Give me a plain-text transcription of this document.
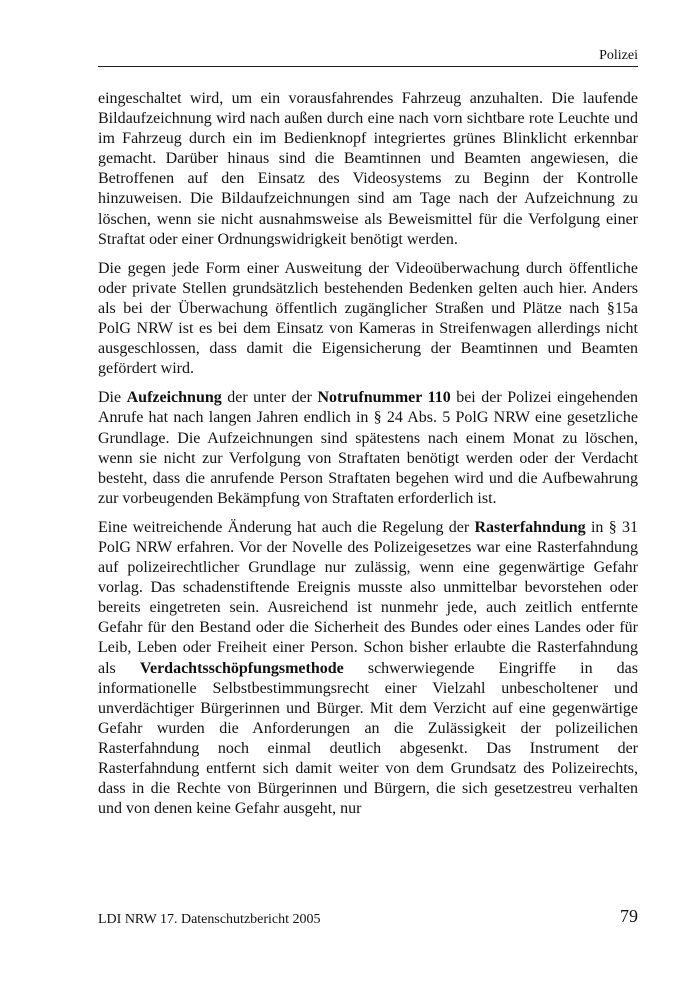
Polizei

eingeschaltet wird, um ein vorausfahrendes Fahrzeug anzuhalten. Die laufende Bildaufzeichnung wird nach außen durch eine nach vorn sichtbare rote Leuchte und im Fahrzeug durch ein im Bedienknopf integriertes grünes Blinklicht erkennbar gemacht. Darüber hinaus sind die Beamtinnen und Beamten angewiesen, die Betroffenen auf den Einsatz des Videosystems zu Beginn der Kontrolle hinzuweisen. Die Bildaufzeichnungen sind am Tage nach der Aufzeichnung zu löschen, wenn sie nicht ausnahmsweise als Beweismittel für die Verfolgung einer Straftat oder einer Ordnungswidrigkeit benötigt werden.

Die gegen jede Form einer Ausweitung der Videoüberwachung durch öffentliche oder private Stellen grundsätzlich bestehenden Bedenken gelten auch hier. Anders als bei der Überwachung öffentlich zugänglicher Straßen und Plätze nach §15a PolG NRW ist es bei dem Einsatz von Kameras in Streifenwagen allerdings nicht ausgeschlossen, dass damit die Eigensicherung der Beamtinnen und Beamten gefördert wird.

Die Aufzeichnung der unter der Notrufnummer 110 bei der Polizei eingehenden Anrufe hat nach langen Jahren endlich in § 24 Abs. 5 PolG NRW eine gesetzliche Grundlage. Die Aufzeichnungen sind spätestens nach einem Monat zu löschen, wenn sie nicht zur Verfolgung von Straftaten benötigt werden oder der Verdacht besteht, dass die anrufende Person Straftaten begehen wird und die Aufbewahrung zur vorbeugenden Bekämpfung von Straftaten erforderlich ist.

Eine weitreichende Änderung hat auch die Regelung der Rasterfahndung in § 31 PolG NRW erfahren. Vor der Novelle des Polizeigesetzes war eine Rasterfahndung auf polizeirechtlicher Grundlage nur zulässig, wenn eine gegenwärtige Gefahr vorlag. Das schadenstiftende Ereignis musste also unmittelbar bevorstehen oder bereits eingetreten sein. Ausreichend ist nunmehr jede, auch zeitlich entfernte Gefahr für den Bestand oder die Sicherheit des Bundes oder eines Landes oder für Leib, Leben oder Freiheit einer Person. Schon bisher erlaubte die Rasterfahndung als Verdachtsschöpfungsmethode schwerwiegende Eingriffe in das informationelle Selbstbestimmungsrecht einer Vielzahl unbescholtener und unverdächtiger Bürgerinnen und Bürger. Mit dem Verzicht auf eine gegenwärtige Gefahr wurden die Anforderungen an die Zulässigkeit der polizeilichen Rasterfahndung noch einmal deutlich abgesenkt. Das Instrument der Rasterfahndung entfernt sich damit weiter von dem Grundsatz des Polizeirechts, dass in die Rechte von Bürgerinnen und Bürgern, die sich gesetzestreu verhalten und von denen keine Gefahr ausgeht, nur

LDI NRW 17. Datenschutzbericht 2005	79
